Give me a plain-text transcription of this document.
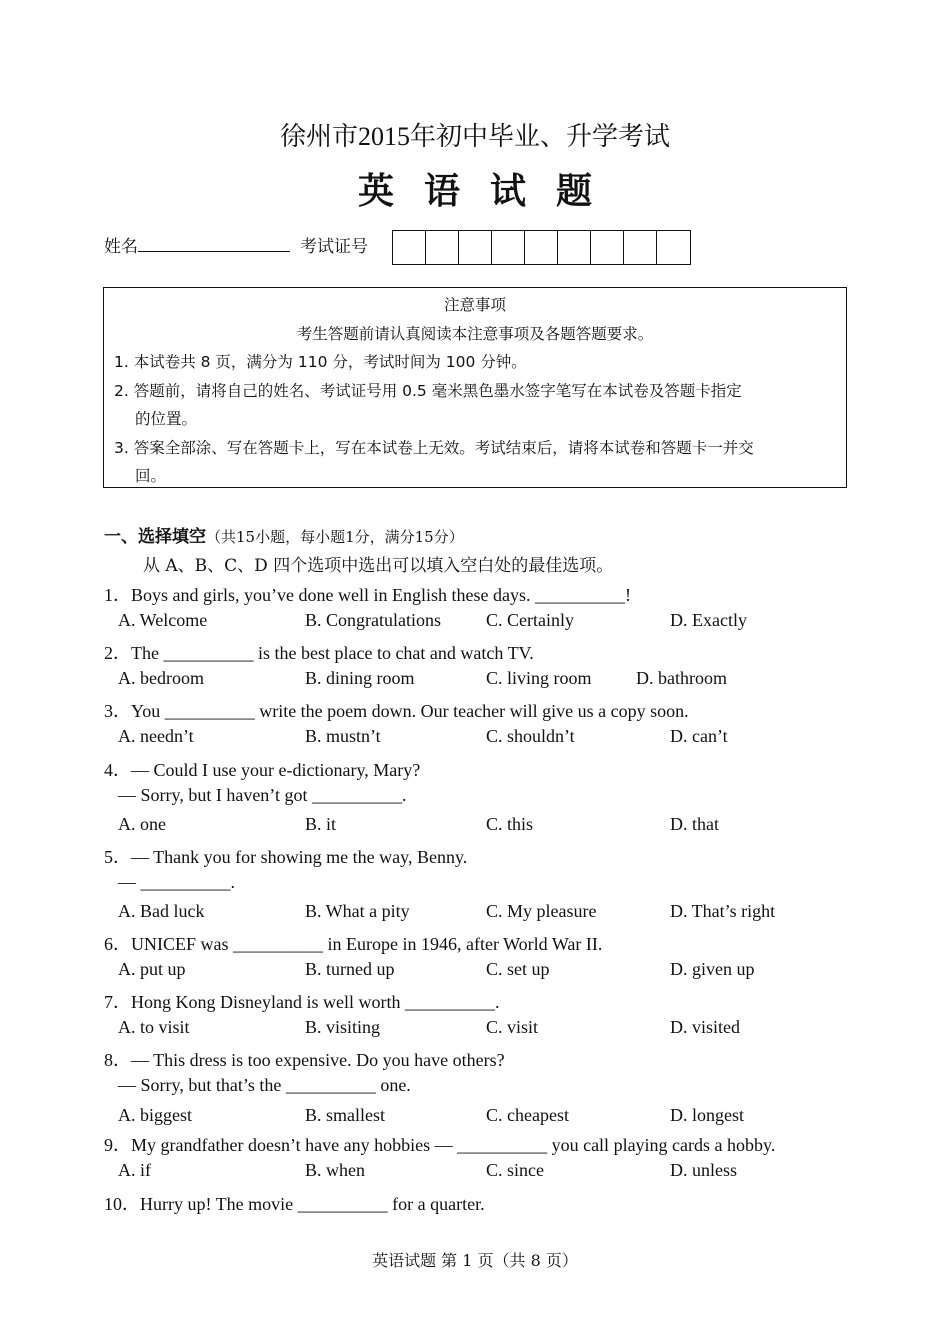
徐州市2015年初中毕业、升学考试
英语试题
姓名	考试证号
注意事项
考生答题前请认真阅读本注意事项及各题答题要求。
1. 本试卷共 8 页，满分为 110 分，考试时间为 100 分钟。
2. 答题前，请将自己的姓名、考试证号用 0.5 毫米黑色墨水签字笔写在本试卷及答题卡指定
的位置。
3. 答案全部涂、写在答题卡上，写在本试卷上无效。考试结束后，请将本试卷和答题卡一并交
回。
一、选择填空（共15小题，每小题1分，满分15分）
从 A、B、C、D 四个选项中选出可以填入空白处的最佳选项。
1．Boys and girls, you’ve done well in English these days. __________!
A. Welcome	B. Congratulations	C. Certainly	D. Exactly
2．The __________ is the best place to chat and watch TV.
A. bedroom	B. dining room	C. living room D. bathroom
3．You __________ write the poem down. Our teacher will give us a copy soon.
A. needn’t	B. mustn’t	C. shouldn’t	D. can’t
4．— Could I use your e-dictionary, Mary?
— Sorry, but I haven’t got __________.
A. one	B. it	C. this	D. that
5．— Thank you for showing me the way, Benny.
— __________.
A. Bad luck	B. What a pity	C. My pleasure	D. That’s right
6．UNICEF was __________ in Europe in 1946, after World War II.
A. put up	B. turned up	C. set up	D. given up
7．Hong Kong Disneyland is well worth __________.
A. to visit	B. visiting	C. visit	D. visited
8．— This dress is too expensive. Do you have others?
— Sorry, but that’s the __________ one.
A. biggest	B. smallest	C. cheapest	D. longest
9．My grandfather doesn’t have any hobbies — __________ you call playing cards a hobby.
A. if	B. when	C. since	D. unless
10．Hurry up! The movie __________ for a quarter.
英语试题 第 1 页（共 8 页）
